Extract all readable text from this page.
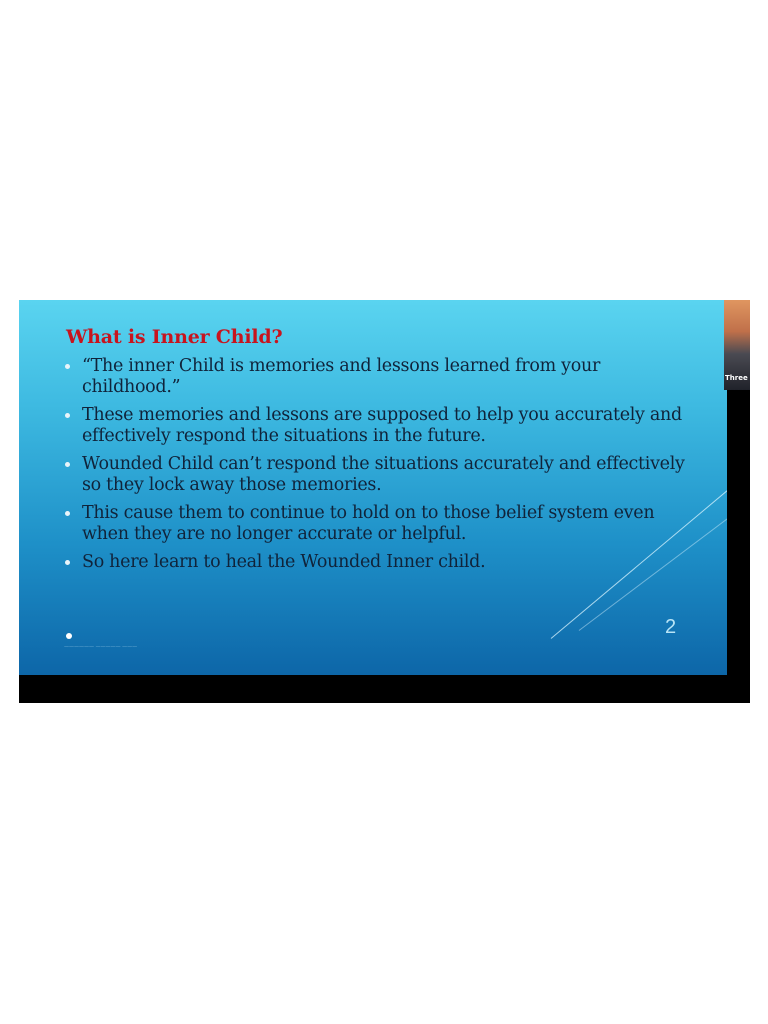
What is Inner Child?
“The inner Child is memories and lessons learned from your childhood.”
These memories and lessons are supposed to help you accurately and effectively respond the situations in the future.
Wounded Child can’t respond the situations accurately and effectively so they lock away those memories.
This cause them to continue to hold on to those belief system even when they are no longer accurate or helpful.
So here learn to heal the Wounded Inner child.
—————— ————— ———
2
Three
